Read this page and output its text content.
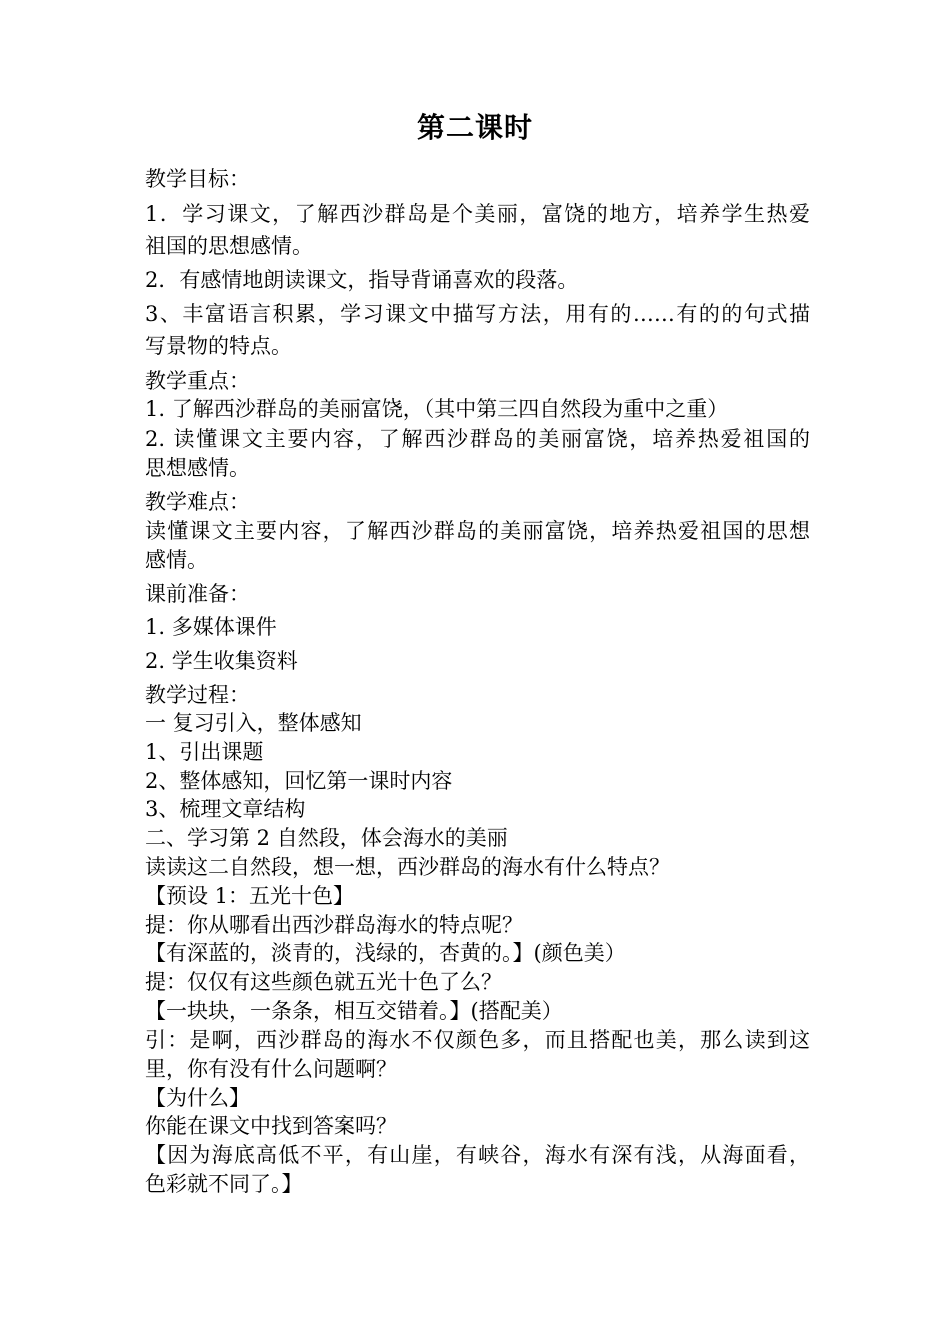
第二课时
教学目标：
1．学习课文，了解西沙群岛是个美丽，富饶的地方，培养学生热爱
祖国的思想感情。
2．有感情地朗读课文，指导背诵喜欢的段落。
3、丰富语言积累，学习课文中描写方法，用有的……有的的句式描
写景物的特点。
教学重点：
1. 了解西沙群岛的美丽富饶，（其中第三四自然段为重中之重）
2. 读懂课文主要内容，了解西沙群岛的美丽富饶，培养热爱祖国的
思想感情。
教学难点：
读懂课文主要内容，了解西沙群岛的美丽富饶，培养热爱祖国的思想
感情。
课前准备：
1. 多媒体课件
2. 学生收集资料
教学过程：
一 复习引入，整体感知
1、引出课题
2、整体感知，回忆第一课时内容
3、梳理文章结构
二、学习第 2 自然段，体会海水的美丽
读读这二自然段，想一想，西沙群岛的海水有什么特点？
【预设 1：五光十色】
提：你从哪看出西沙群岛海水的特点呢？
【有深蓝的，淡青的，浅绿的，杏黄的。】(颜色美）
提：仅仅有这些颜色就五光十色了么？
【一块块，一条条，相互交错着。】(搭配美）
引：是啊，西沙群岛的海水不仅颜色多，而且搭配也美，那么读到这
里，你有没有什么问题啊？
【为什么】
你能在课文中找到答案吗？
【因为海底高低不平，有山崖，有峡谷，海水有深有浅，从海面看，
色彩就不同了。】
